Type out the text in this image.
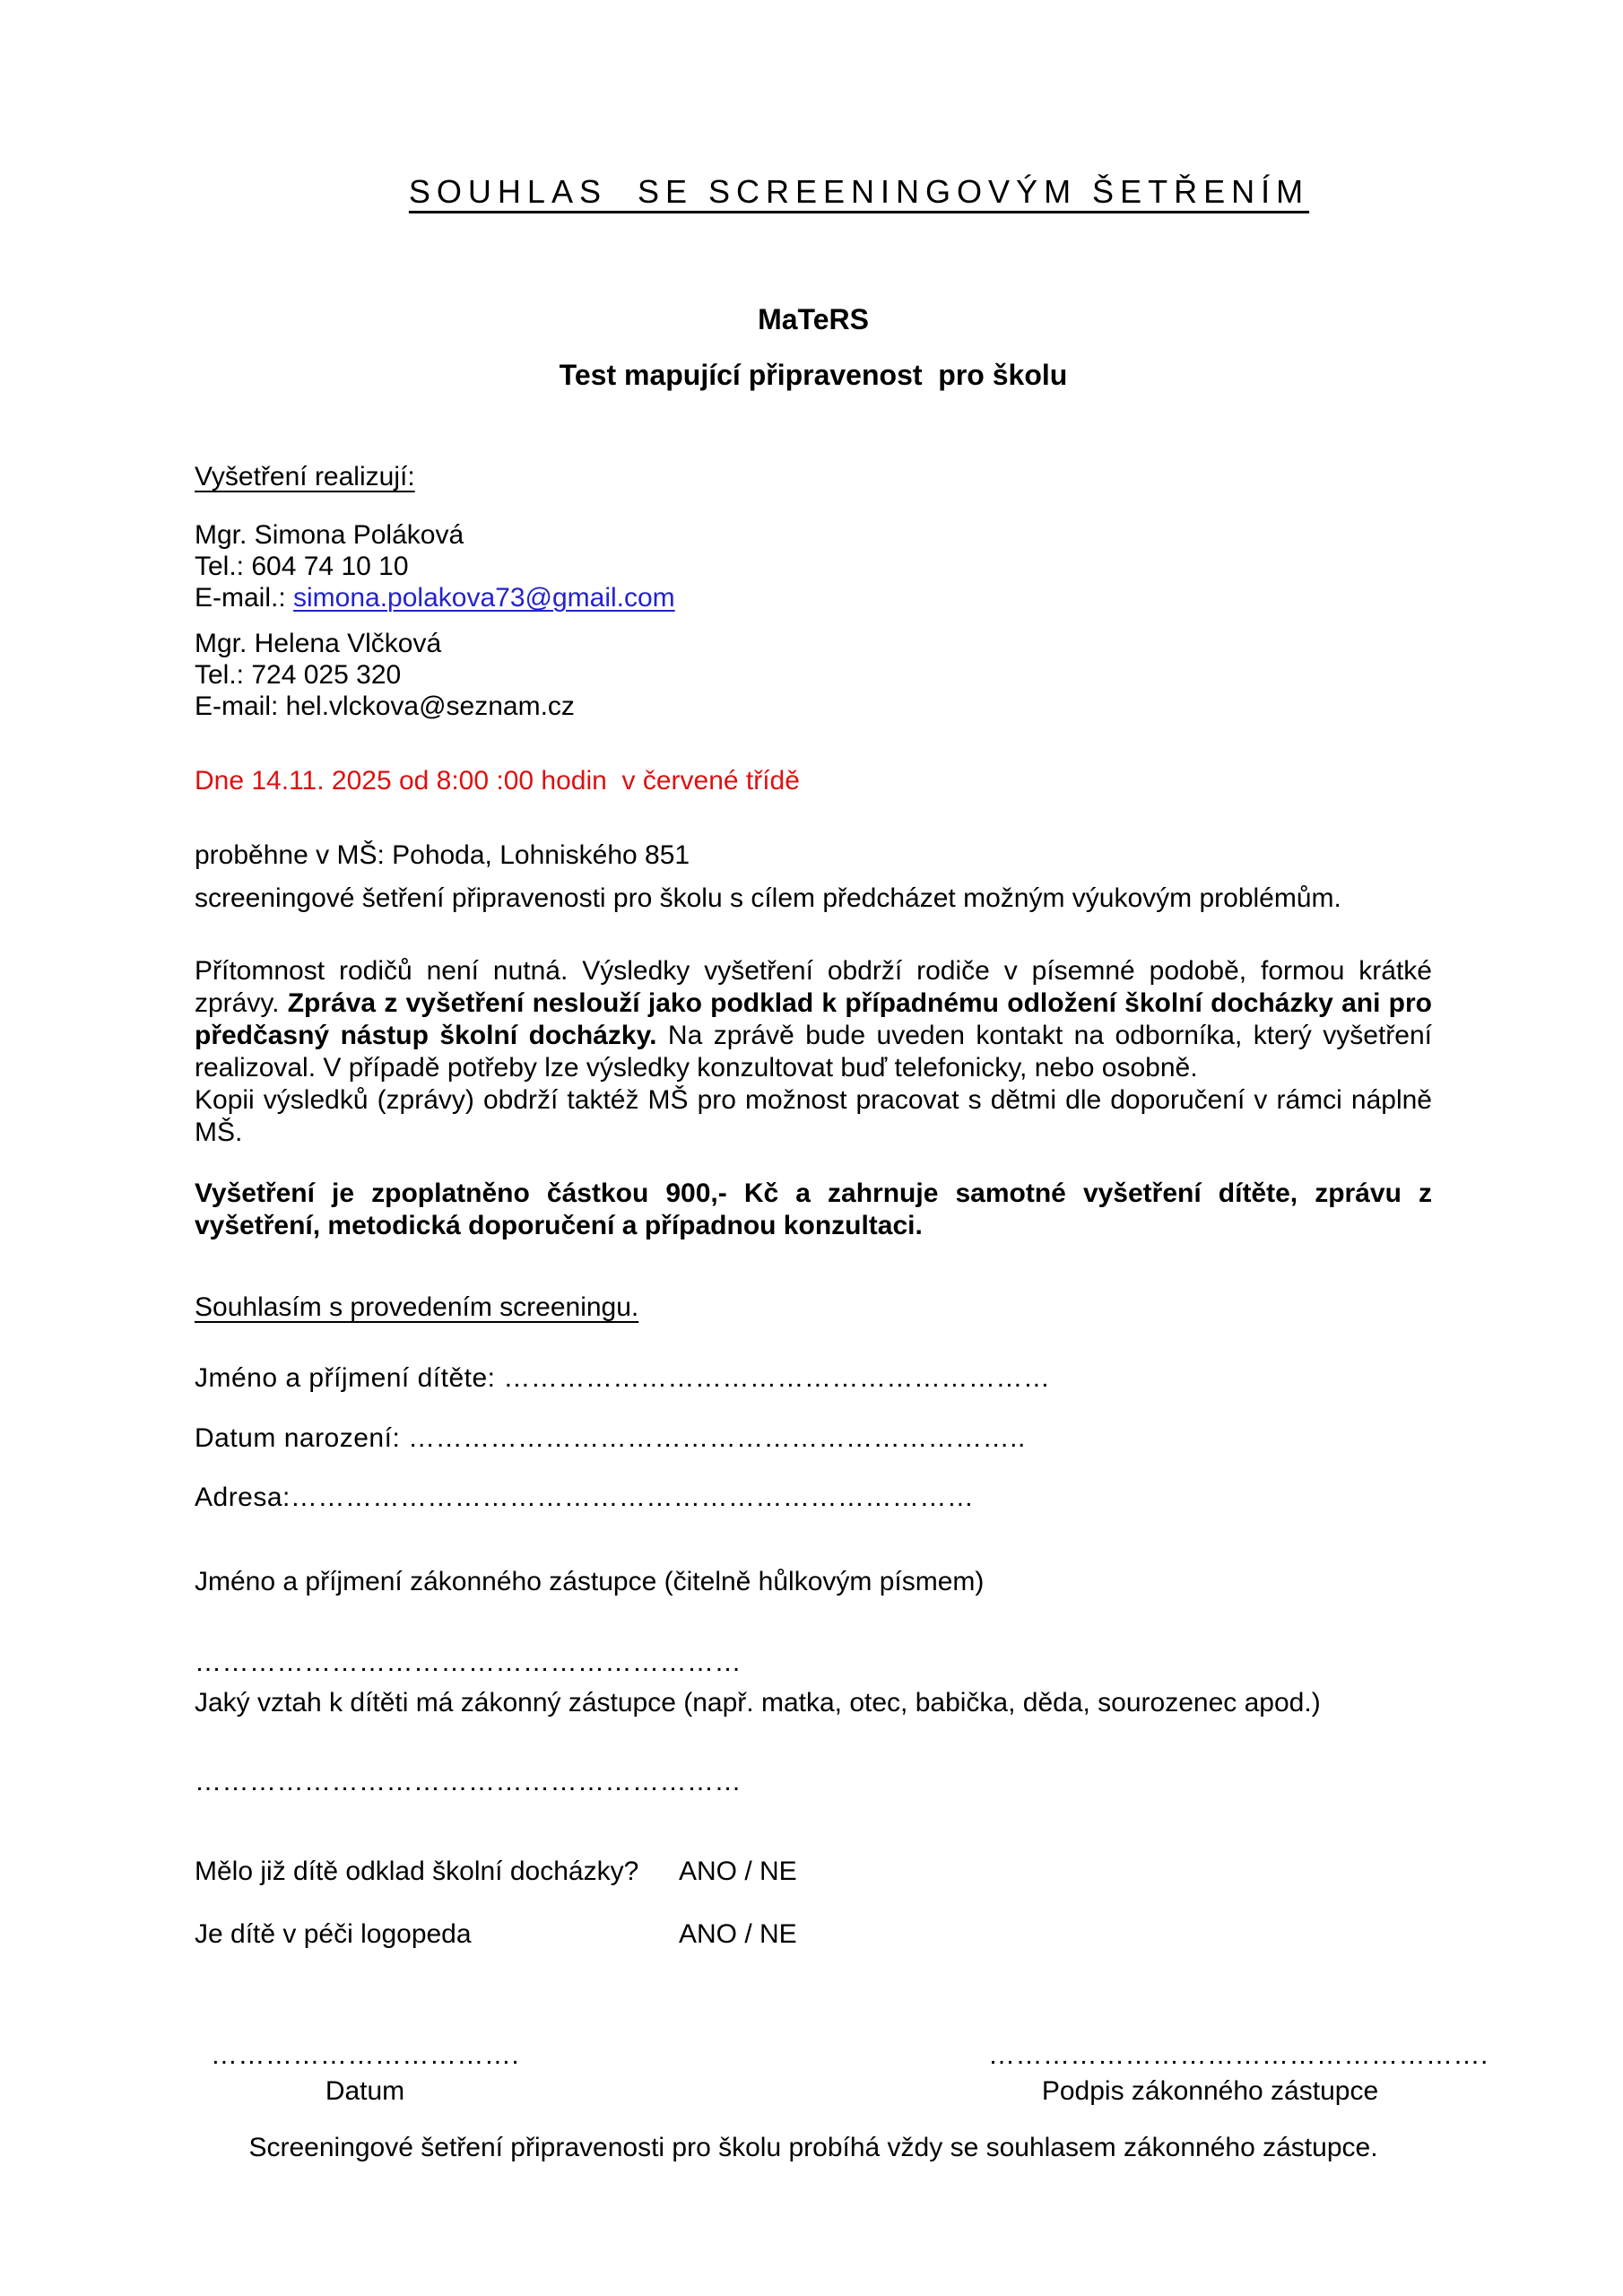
SOUHLAS  SE SCREENINGOVÝM ŠETŘENÍM

MaTeRS
Test mapující připravenost  pro školu
Vyšetření realizují:
Mgr. Simona Poláková
Tel.: 604 74 10 10
E-mail.: simona.polakova73@gmail.com
Mgr. Helena Vlčková
Tel.: 724 025 320
E-mail: hel.vlckova@seznam.cz
Dne 14.11. 2025 od 8:00 :00 hodin  v červené třídě
proběhne v MŠ: Pohoda, Lohniského 851
screeningové šetření připravenosti pro školu s cílem předcházet možným výukovým problémům.
Přítomnost rodičů není nutná. Výsledky vyšetření obdrží rodiče v písemné podobě, formou krátké zprávy. Zpráva z vyšetření neslouží jako podklad k případnému odložení školní docházky ani pro předčasný nástup školní docházky. Na zprávě bude uveden kontakt na odborníka, který vyšetření realizoval. V případě potřeby lze výsledky konzultovat buď telefonicky, nebo osobně.
Kopii výsledků (zprávy) obdrží taktéž MŠ pro možnost pracovat s dětmi dle doporučení v rámci náplně MŠ.
Vyšetření je zpoplatněno částkou 900,- Kč a zahrnuje samotné vyšetření dítěte, zprávu z vyšetření, metodická doporučení a případnou konzultaci.
Souhlasím s provedením screeningu.
Jméno a příjmení dítěte: ……………………………………………………
Datum narození: …………………………………………………………..
Adresa:…………………………………………………………………
Jméno a příjmení zákonného zástupce (čitelně hůlkovým písmem)
……………………………………………………
Jaký vztah k dítěti má zákonný zástupce (např. matka, otec, babička, děda, sourozenec apod.)
……………………………………………………
Mělo již dítě odklad školní docházky? ANO / NE
Je dítě v péči logopeda	ANO / NE
…………………………….
Datum
……………………………………………….
Podpis zákonného zástupce
Screeningové šetření připravenosti pro školu probíhá vždy se souhlasem zákonného zástupce.
